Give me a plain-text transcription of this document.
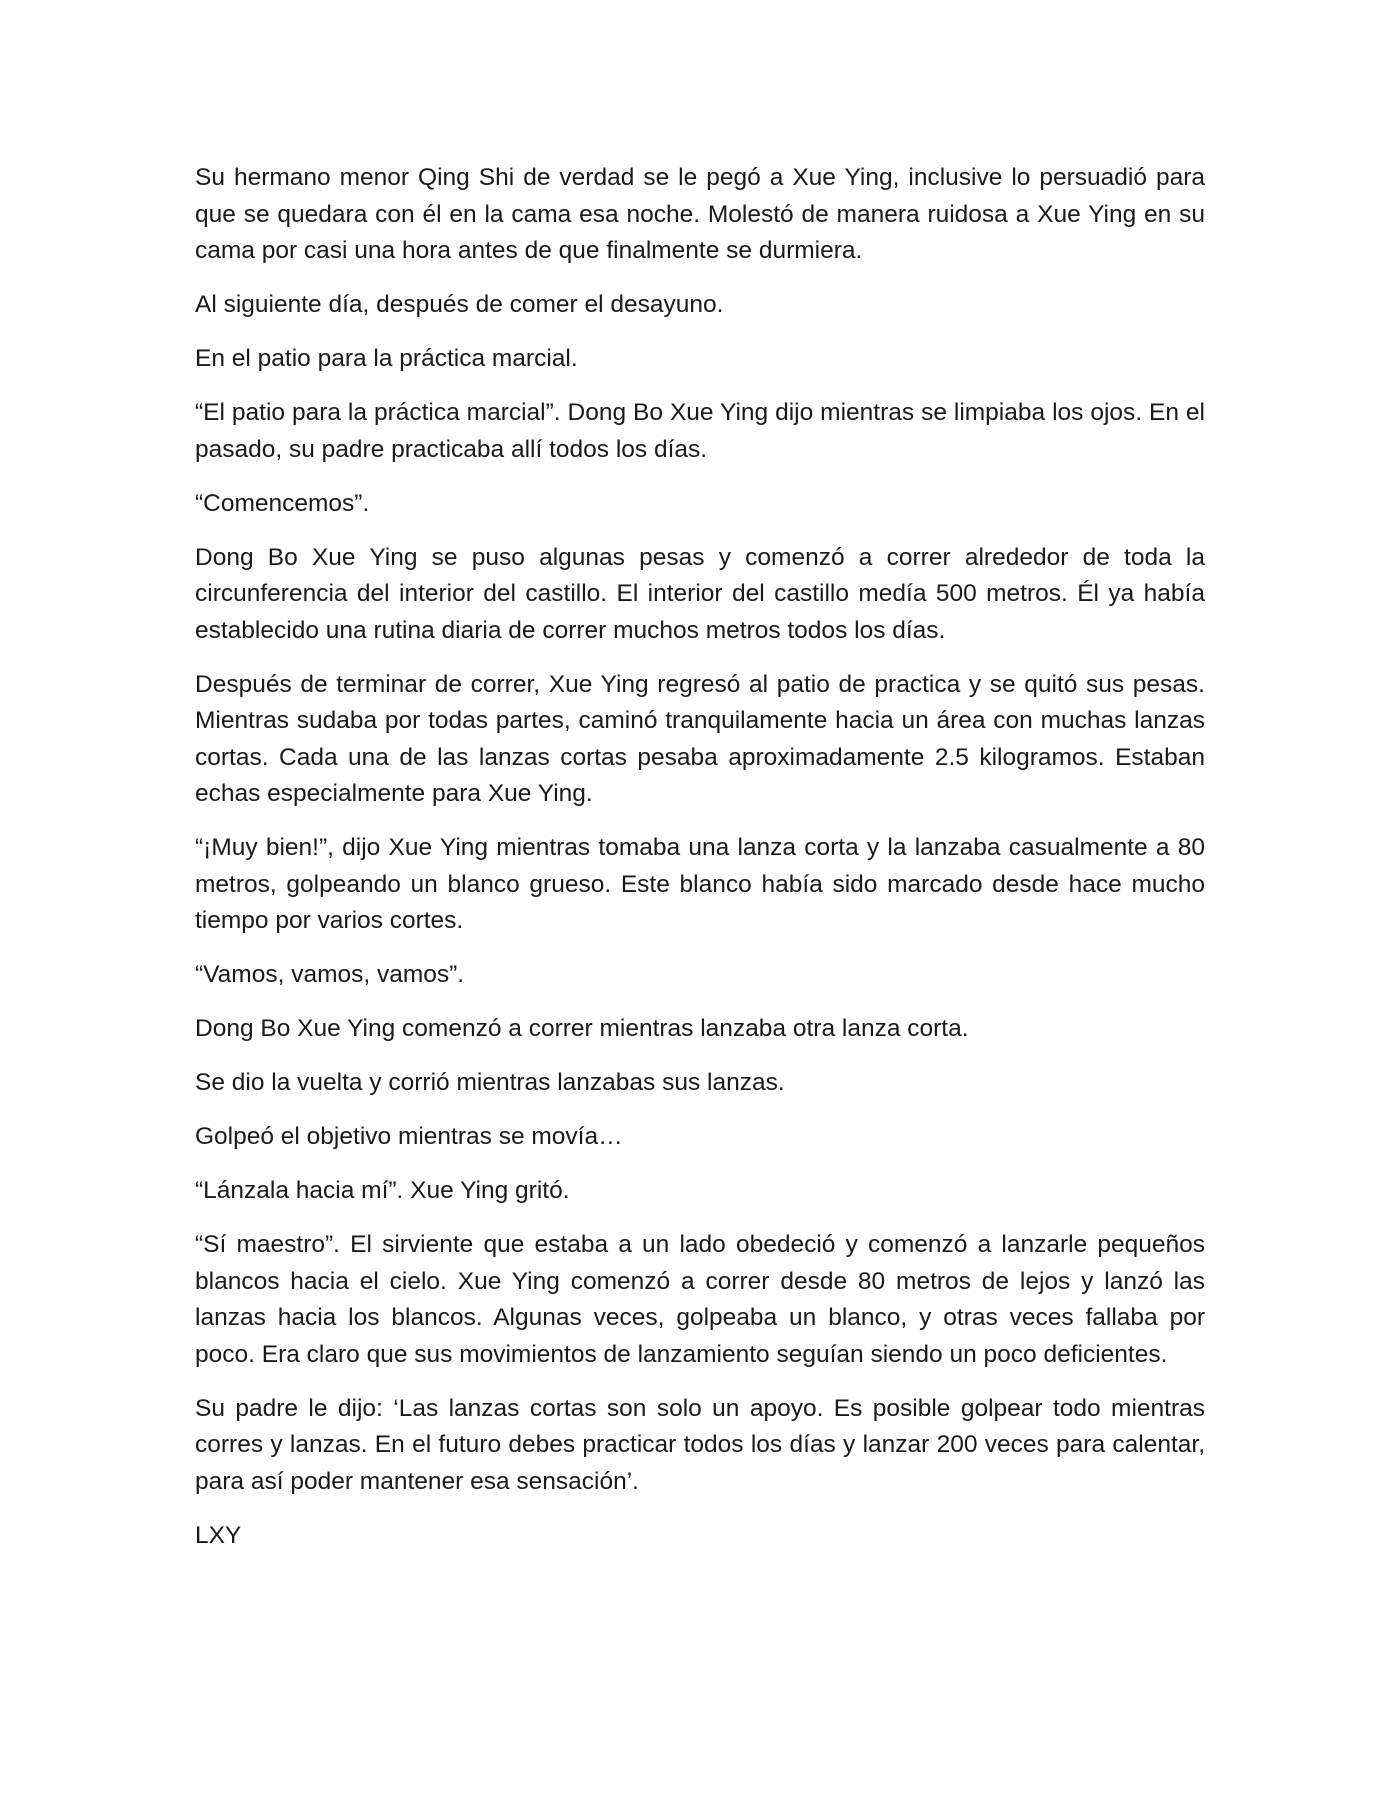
Su hermano menor Qing Shi de verdad se le pegó a Xue Ying, inclusive lo persuadió para que se quedara con él en la cama esa noche. Molestó de manera ruidosa a Xue Ying en su cama por casi una hora antes de que finalmente se durmiera.

Al siguiente día, después de comer el desayuno.

En el patio para la práctica marcial.

“El patio para la práctica marcial”. Dong Bo Xue Ying dijo mientras se limpiaba los ojos. En el pasado, su padre practicaba allí todos los días.

“Comencemos”.

Dong Bo Xue Ying se puso algunas pesas y comenzó a correr alrededor de toda la circunferencia del interior del castillo. El interior del castillo medía 500 metros. Él ya había establecido una rutina diaria de correr muchos metros todos los días.

Después de terminar de correr, Xue Ying regresó al patio de practica y se quitó sus pesas. Mientras sudaba por todas partes, caminó tranquilamente hacia un área con muchas lanzas cortas. Cada una de las lanzas cortas pesaba aproximadamente 2.5 kilogramos. Estaban echas especialmente para Xue Ying.

“¡Muy bien!”, dijo Xue Ying mientras tomaba una lanza corta y la lanzaba casualmente a 80 metros, golpeando un blanco grueso. Este blanco había sido marcado desde hace mucho tiempo por varios cortes.

“Vamos, vamos, vamos”.

Dong Bo Xue Ying comenzó a correr mientras lanzaba otra lanza corta.

Se dio la vuelta y corrió mientras lanzabas sus lanzas.

Golpeó el objetivo mientras se movía…

“Lánzala hacia mí”. Xue Ying gritó.

“Sí maestro”. El sirviente que estaba a un lado obedeció y comenzó a lanzarle pequeños blancos hacia el cielo. Xue Ying comenzó a correr desde 80 metros de lejos y lanzó las lanzas hacia los blancos. Algunas veces, golpeaba un blanco, y otras veces fallaba por poco. Era claro que sus movimientos de lanzamiento seguían siendo un poco deficientes.

Su padre le dijo: ‘Las lanzas cortas son solo un apoyo. Es posible golpear todo mientras corres y lanzas. En el futuro debes practicar todos los días y lanzar 200 veces para calentar, para así poder mantener esa sensación’.

LXY
